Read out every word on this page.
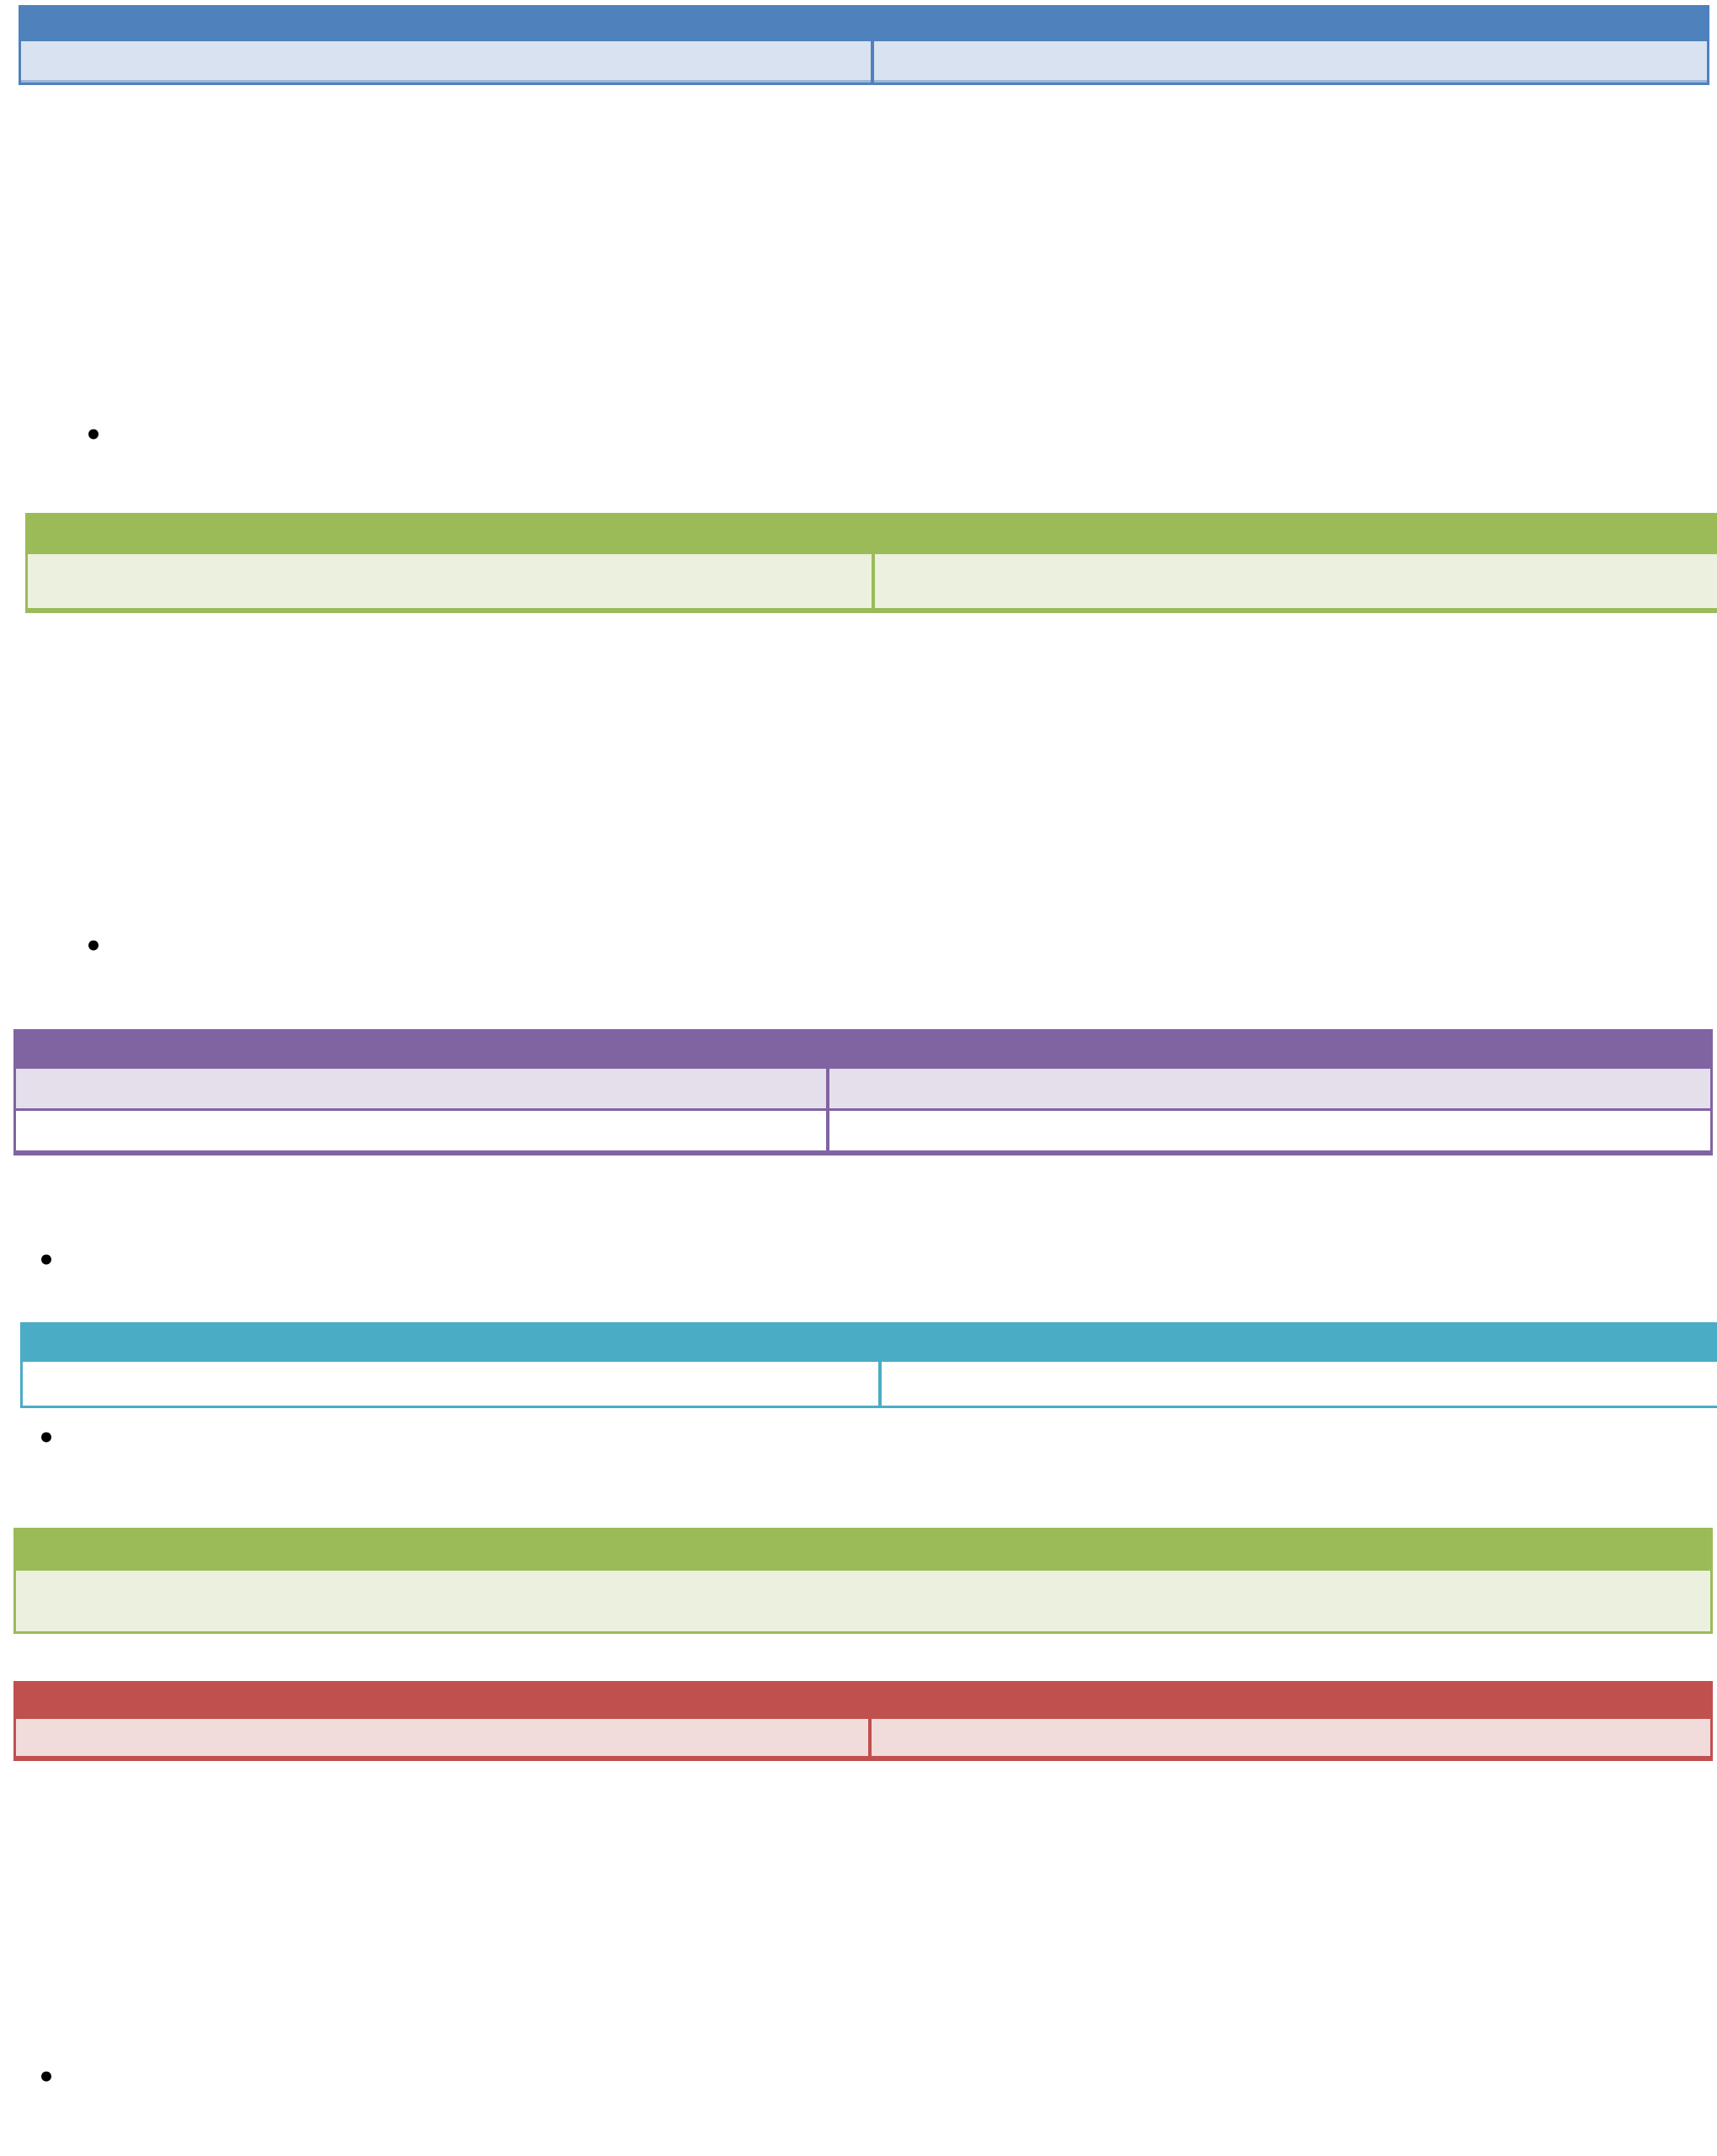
•

•

•

•

•
